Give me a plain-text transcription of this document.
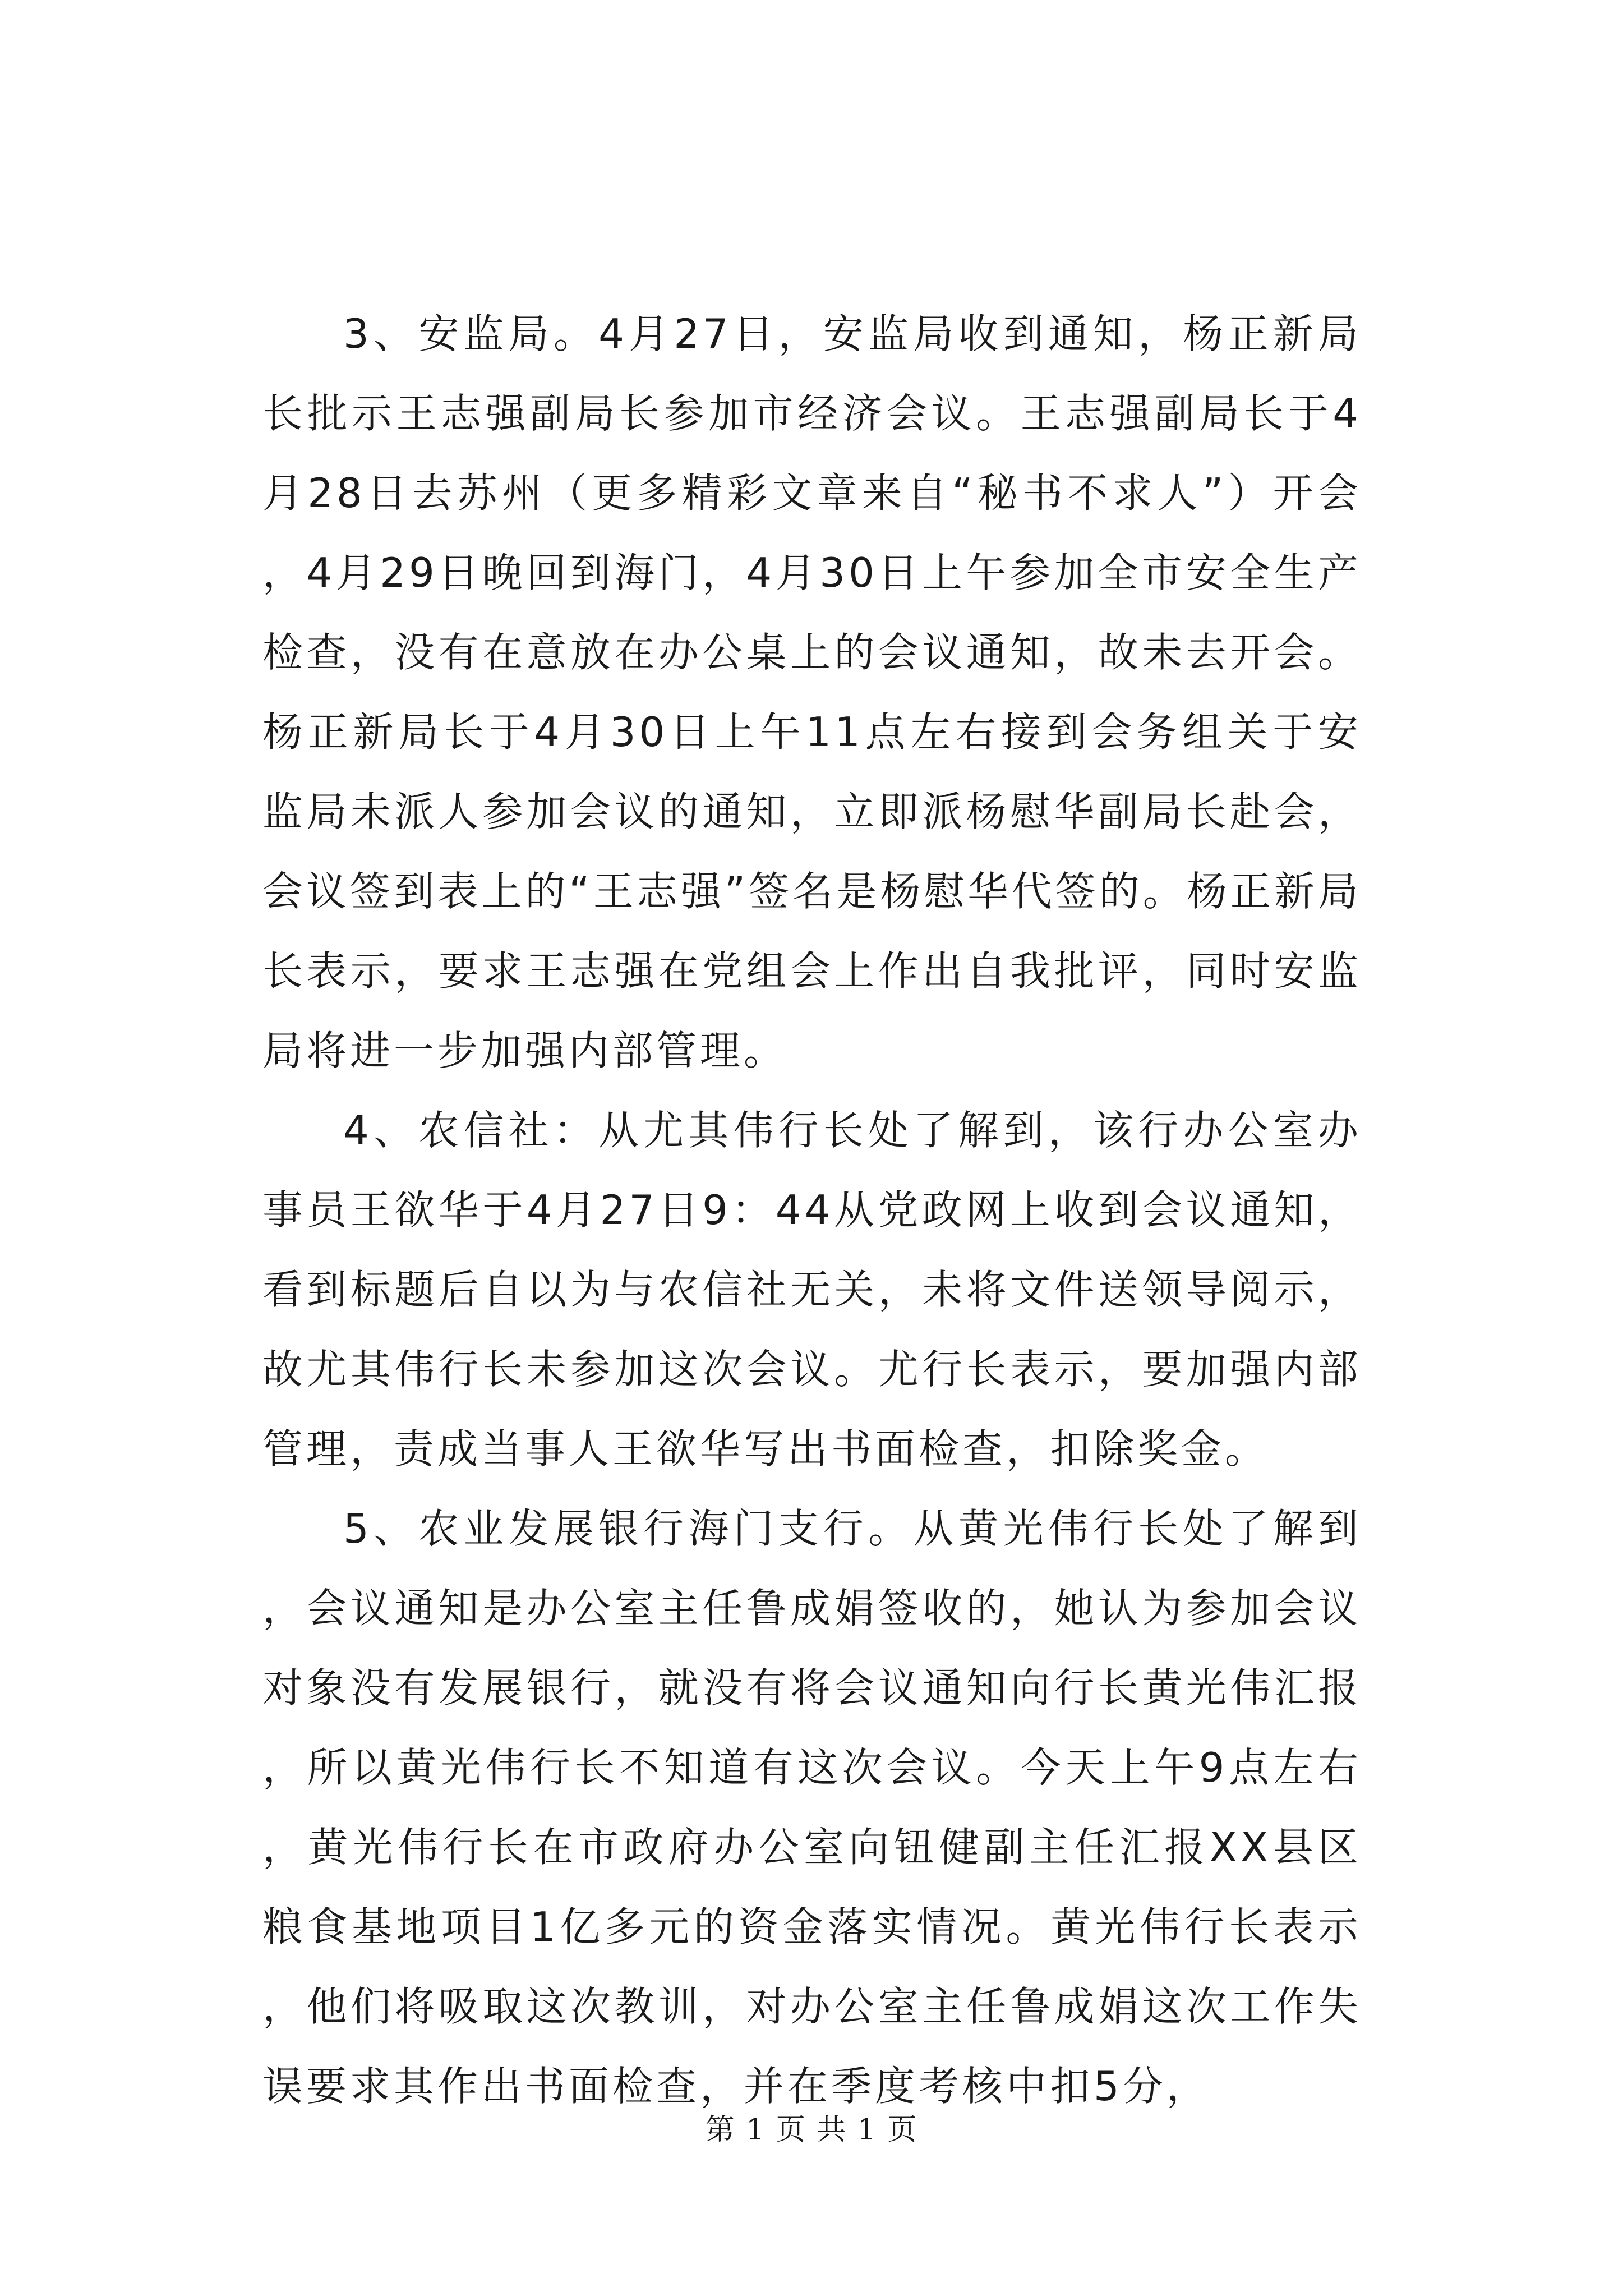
3、安监局。4月27日，安监局收到通知，杨正新局长批示王志强副局长参加市经济会议。王志强副局长于4月28日去苏州（更多精彩文章来自“秘书不求人”）开会，4月29日晚回到海门，4月30日上午参加全市安全生产检查，没有在意放在办公桌上的会议通知，故未去开会。杨正新局长于4月30日上午11点左右接到会务组关于安监局未派人参加会议的通知，立即派杨慰华副局长赴会，会议签到表上的“王志强”签名是杨慰华代签的。杨正新局长表示，要求王志强在党组会上作出自我批评，同时安监局将进一步加强内部管理。

4、农信社：从尤其伟行长处了解到，该行办公室办事员王欲华于4月27日9：44从党政网上收到会议通知，看到标题后自以为与农信社无关，未将文件送领导阅示，故尤其伟行长未参加这次会议。尤行长表示，要加强内部管理，责成当事人王欲华写出书面检查，扣除奖金。

5、农业发展银行海门支行。从黄光伟行长处了解到，会议通知是办公室主任鲁成娟签收的，她认为参加会议对象没有发展银行，就没有将会议通知向行长黄光伟汇报，所以黄光伟行长不知道有这次会议。今天上午9点左右，黄光伟行长在市政府办公室向钮健副主任汇报XX县区粮食基地项目1亿多元的资金落实情况。黄光伟行长表示，他们将吸取这次教训，对办公室主任鲁成娟这次工作失误要求其作出书面检查，并在季度考核中扣5分，

第 1 页 共 1 页
